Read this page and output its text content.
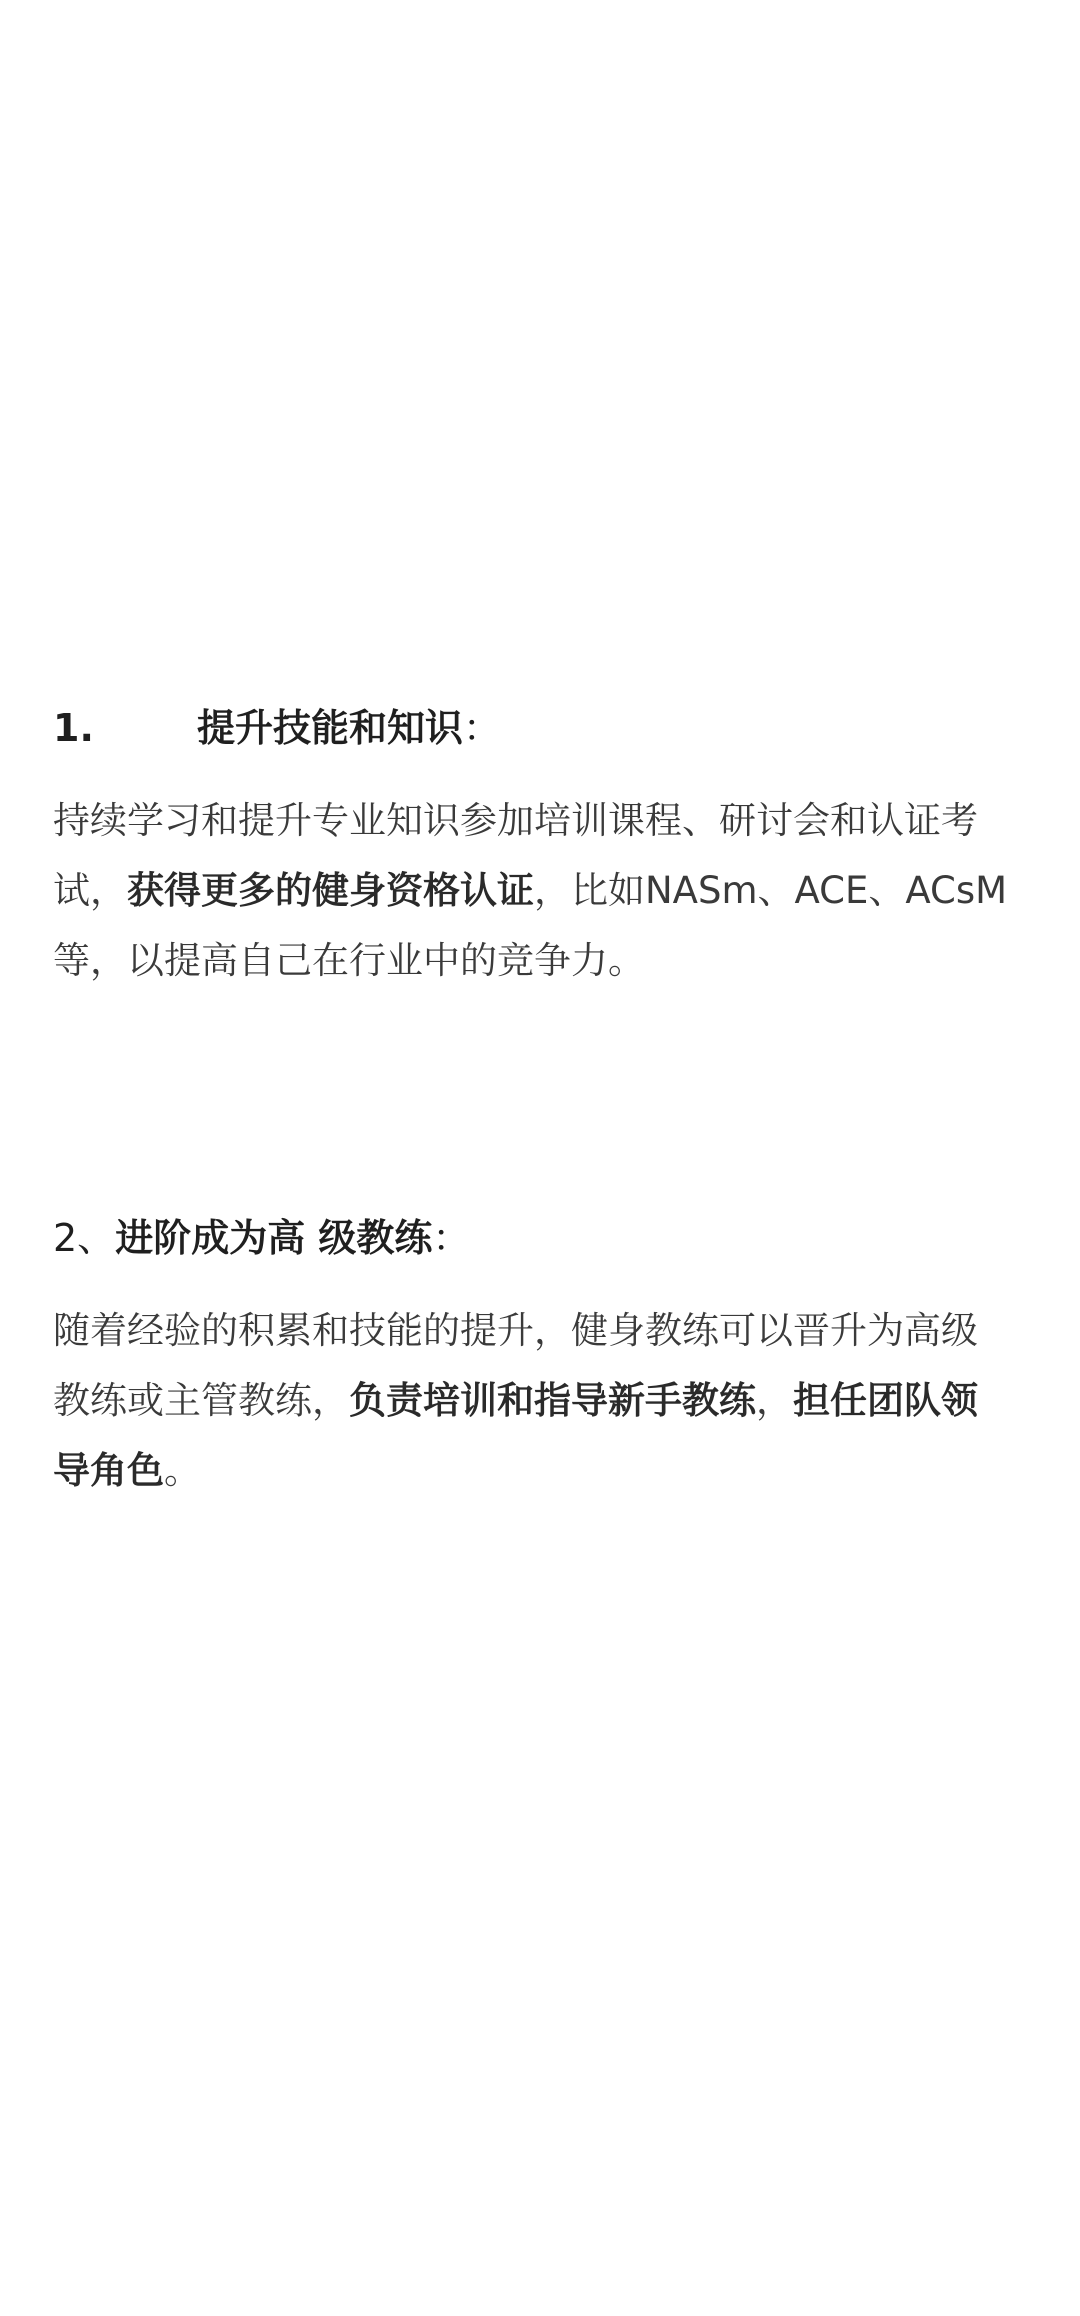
1.	提升技能和知识：
持续学习和提升专业知识参加培训课程、研讨会和认证考试，获得更多的健身资格认证，比如NASm、ACE、ACsM等，以提高自己在行业中的竞争力。
2、进阶成为高 级教练：
随着经验的积累和技能的提升，健身教练可以晋升为高级教练或主管教练，负责培训和指导新手教练，担任团队领导角色。
